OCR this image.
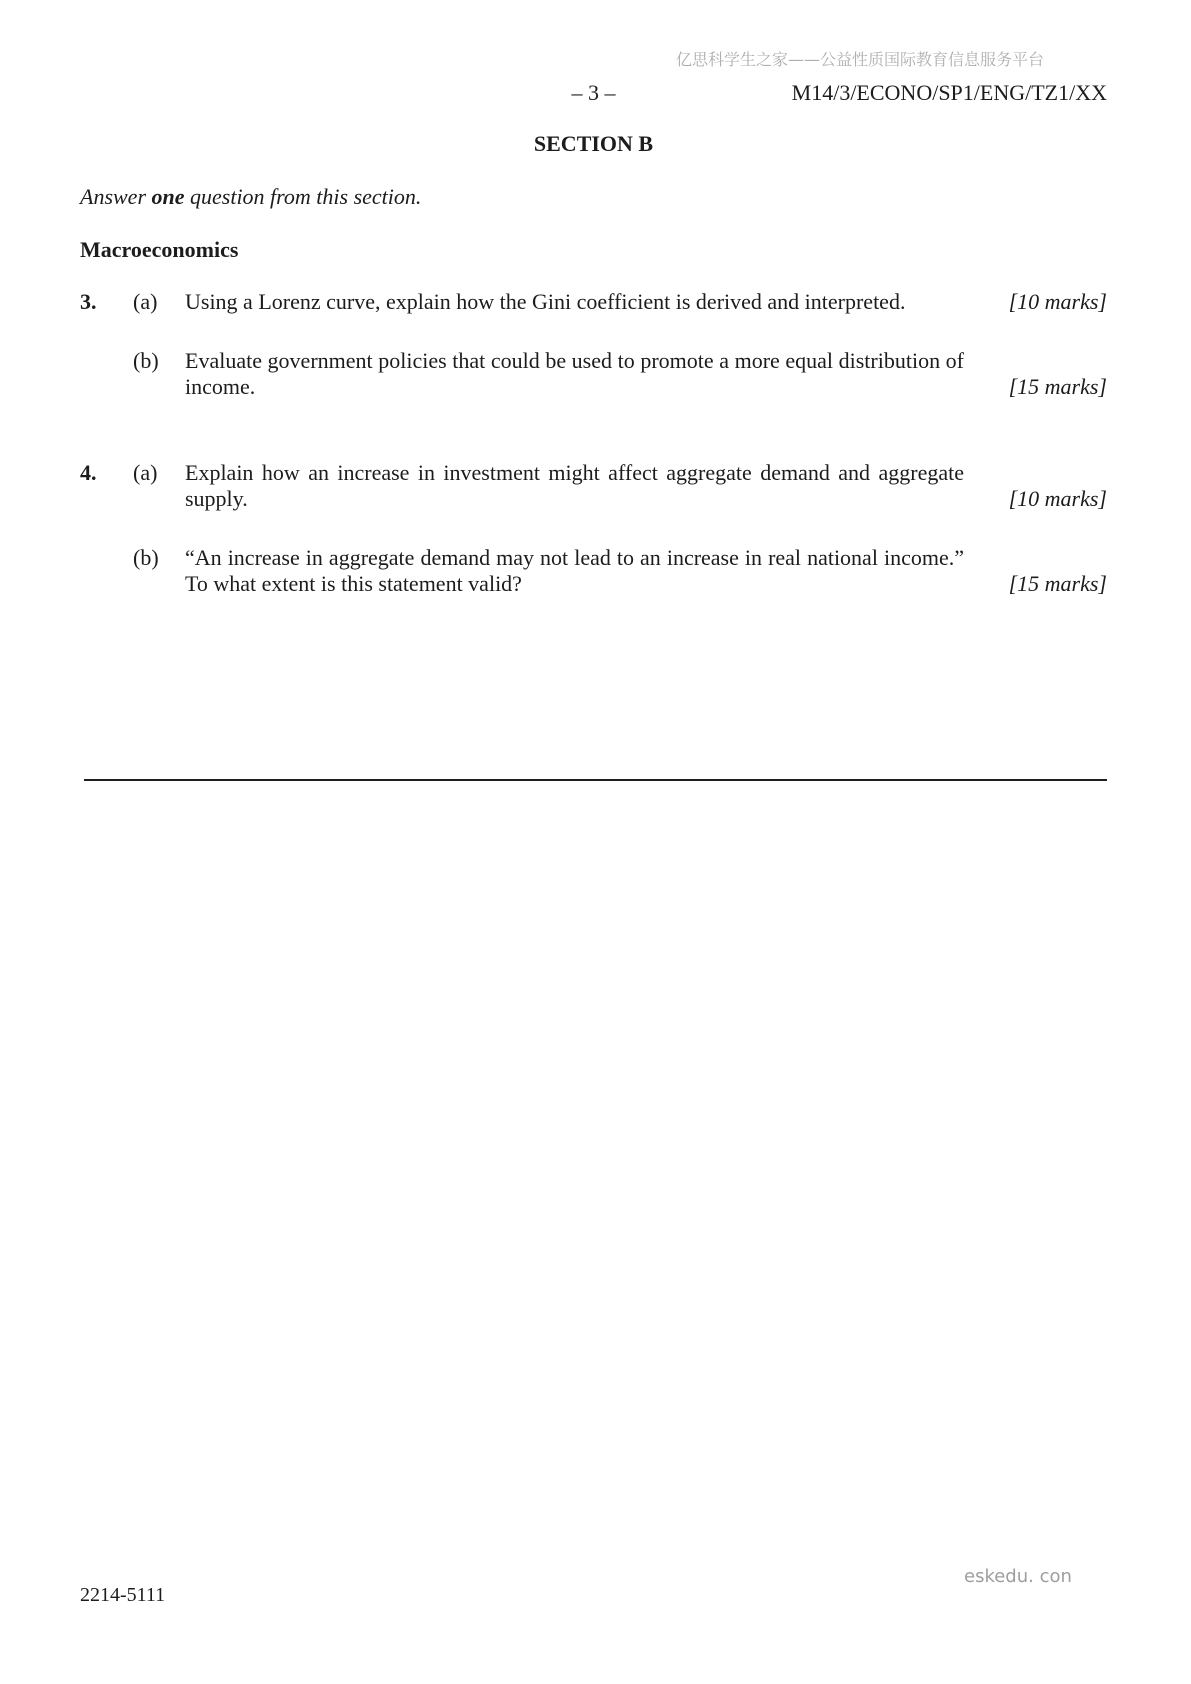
亿思科学生之家——公益性质国际教育信息服务平台
– 3 –	M14/3/ECONO/SP1/ENG/TZ1/XX
SECTION B
Answer one question from this section.
Macroeconomics
3.	(a)	Using a Lorenz curve, explain how the Gini coefficient is derived and interpreted.	[10 marks]
(b)	Evaluate government policies that could be used to promote a more equal distribution of income.	[15 marks]
4.	(a)	Explain how an increase in investment might affect aggregate demand and aggregate supply.	[10 marks]
(b)	“An increase in aggregate demand may not lead to an increase in real national income.” To what extent is this statement valid?	[15 marks]
2214-5111
eskedu. con
